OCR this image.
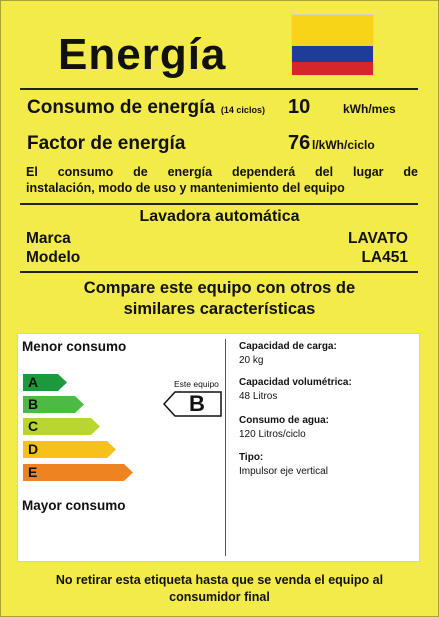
Energía
Consumo de energía (14 ciclos) 10	kWh/mes
Factor de energía	76 l/kWh/ciclo
El consumo de energía dependerá del lugar de
instalación, modo de uso y mantenimiento del equipo
Lavadora automática
Marca	LAVATO
Modelo	LA451
Compare este equipo con otros de
similares características
Menor consumo
A
B
C
D
E
Mayor consumo
Este equipo
B
Capacidad de carga:
20 kg
Capacidad volumétrica:
48 Litros
Consumo de agua:
120 Litros/ciclo
Tipo:
Impulsor eje vertical
No retirar esta etiqueta hasta que se venda el equipo al
consumidor final
